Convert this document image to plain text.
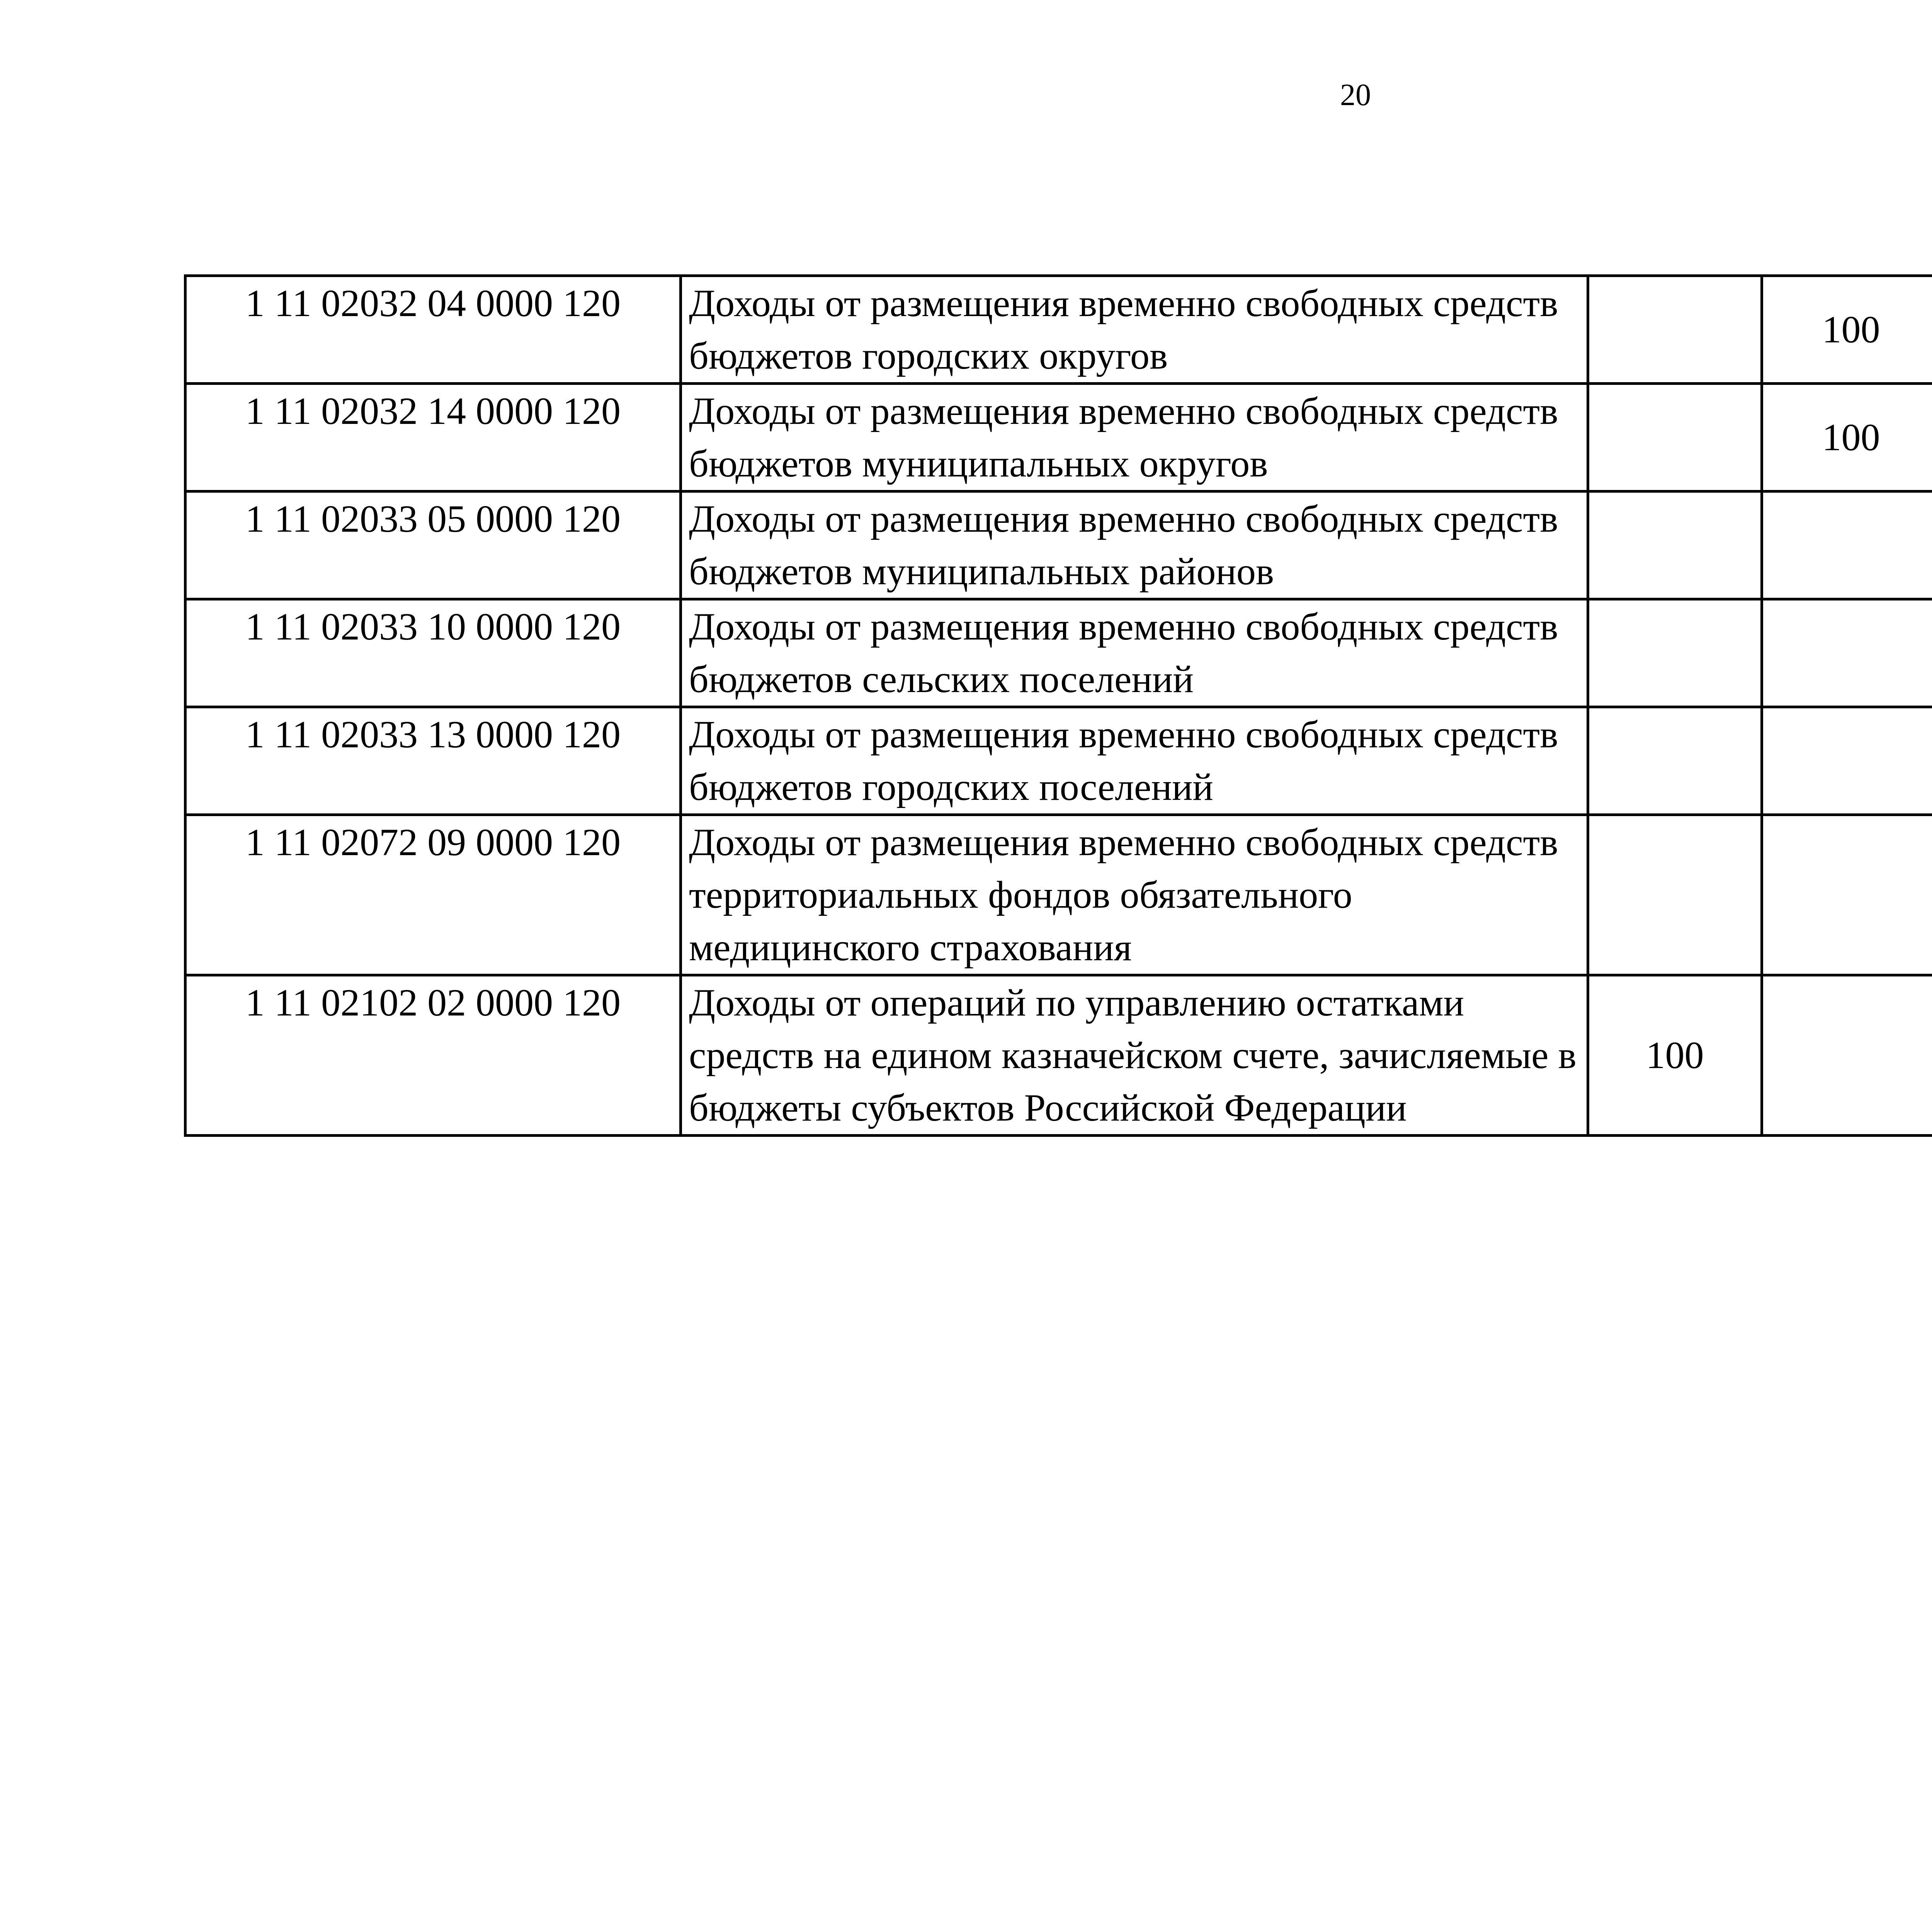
20
1 11 02032 04 0000 120	Доходы от размещения временно свободных средств бюджетов городских округов		100			
1 11 02032 14 0000 120	Доходы от размещения временно свободных средств бюджетов муниципальных округов		100			
1 11 02033 05 0000 120	Доходы от размещения временно свободных средств бюджетов муниципальных районов					
1 11 02033 10 0000 120	Доходы от размещения временно свободных средств бюджетов сельских поселений					
1 11 02033 13 0000 120	Доходы от размещения временно свободных средств бюджетов городских поселений					
1 11 02072 09 0000 120	Доходы от размещения временно свободных средств территориальных фондов обязательного медицинского страхования					
1 11 02102 02 0000 120	Доходы от операций по управлению остатками средств на едином казначейском счете, зачисляемые в бюджеты субъектов Российской Федерации	100				
